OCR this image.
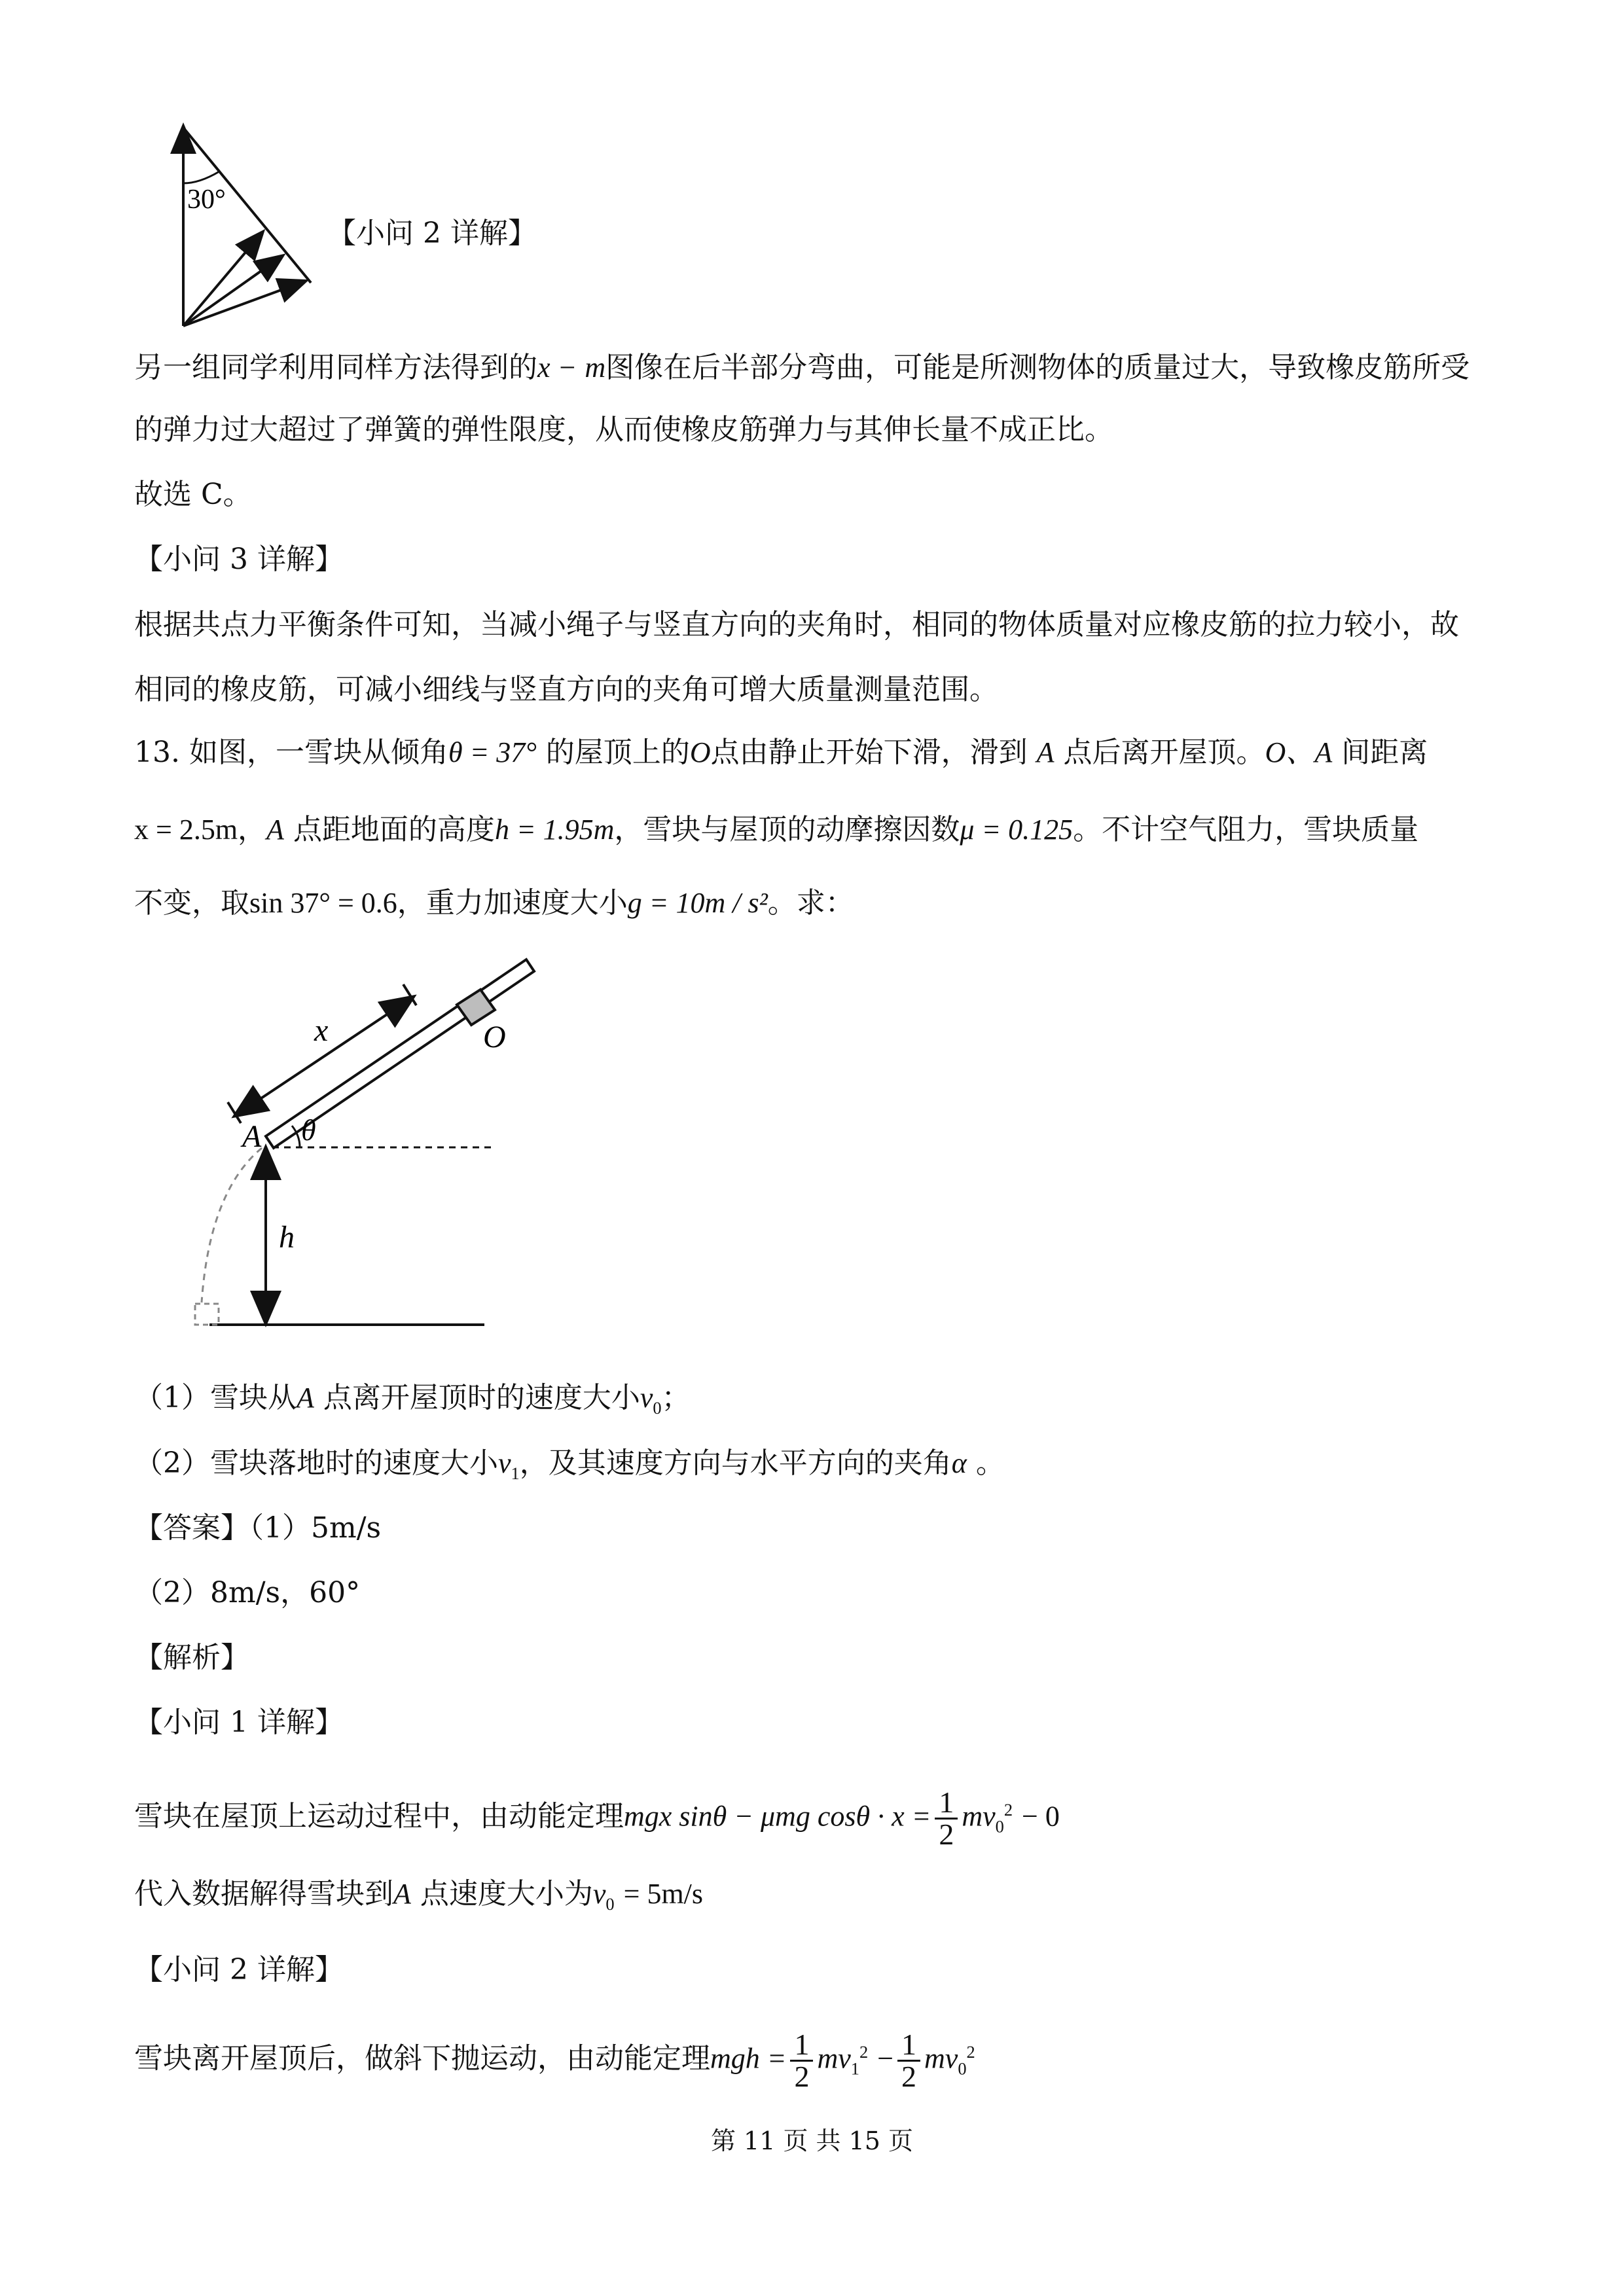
30°
【小问 2 详解】
另一组同学利用同样方法得到的x − m图像在后半部分弯曲，可能是所测物体的质量过大，导致橡皮筋所受
的弹力过大超过了弹簧的弹性限度，从而使橡皮筋弹力与其伸长量不成正比。
故选 C。
【小问 3 详解】
根据共点力平衡条件可知，当减小绳子与竖直方向的夹角时，相同的物体质量对应橡皮筋的拉力较小，故
相同的橡皮筋，可减小细线与竖直方向的夹角可增大质量测量范围。
13. 如图，一雪块从倾角θ = 37° 的屋顶上的O点由静止开始下滑，滑到 A 点后离开屋顶。O、A 间距离
x = 2.5m，A 点距地面的高度h = 1.95m，雪块与屋顶的动摩擦因数μ = 0.125。不计空气阻力，雪块质量
不变，取sin 37° = 0.6，重力加速度大小g = 10m / s²。求：
x	O
A θ
h
（1）雪块从A 点离开屋顶时的速度大小$v_0$；
（2）雪块落地时的速度大小$v_1$，及其速度方向与水平方向的夹角α 。
【答案】（1）5m/s
（2）8m/s，60°
【解析】
【小问 1 详解】
雪块在屋顶上运动过程中，由动能定理mgx sinθ − μmg $\cos\theta \cdot x = \frac{1}{2} mv_0^2 - 0$
代入数据解得雪块到A 点速度大小为$v_0 = 5m/s$
【小问 2 详解】
雪块离开屋顶后，做斜下抛运动，由动能定理mgh = $\frac{1}{2} mv_1^2 - \frac{1}{2} mv_0^2$
第 11 页 共 15 页
